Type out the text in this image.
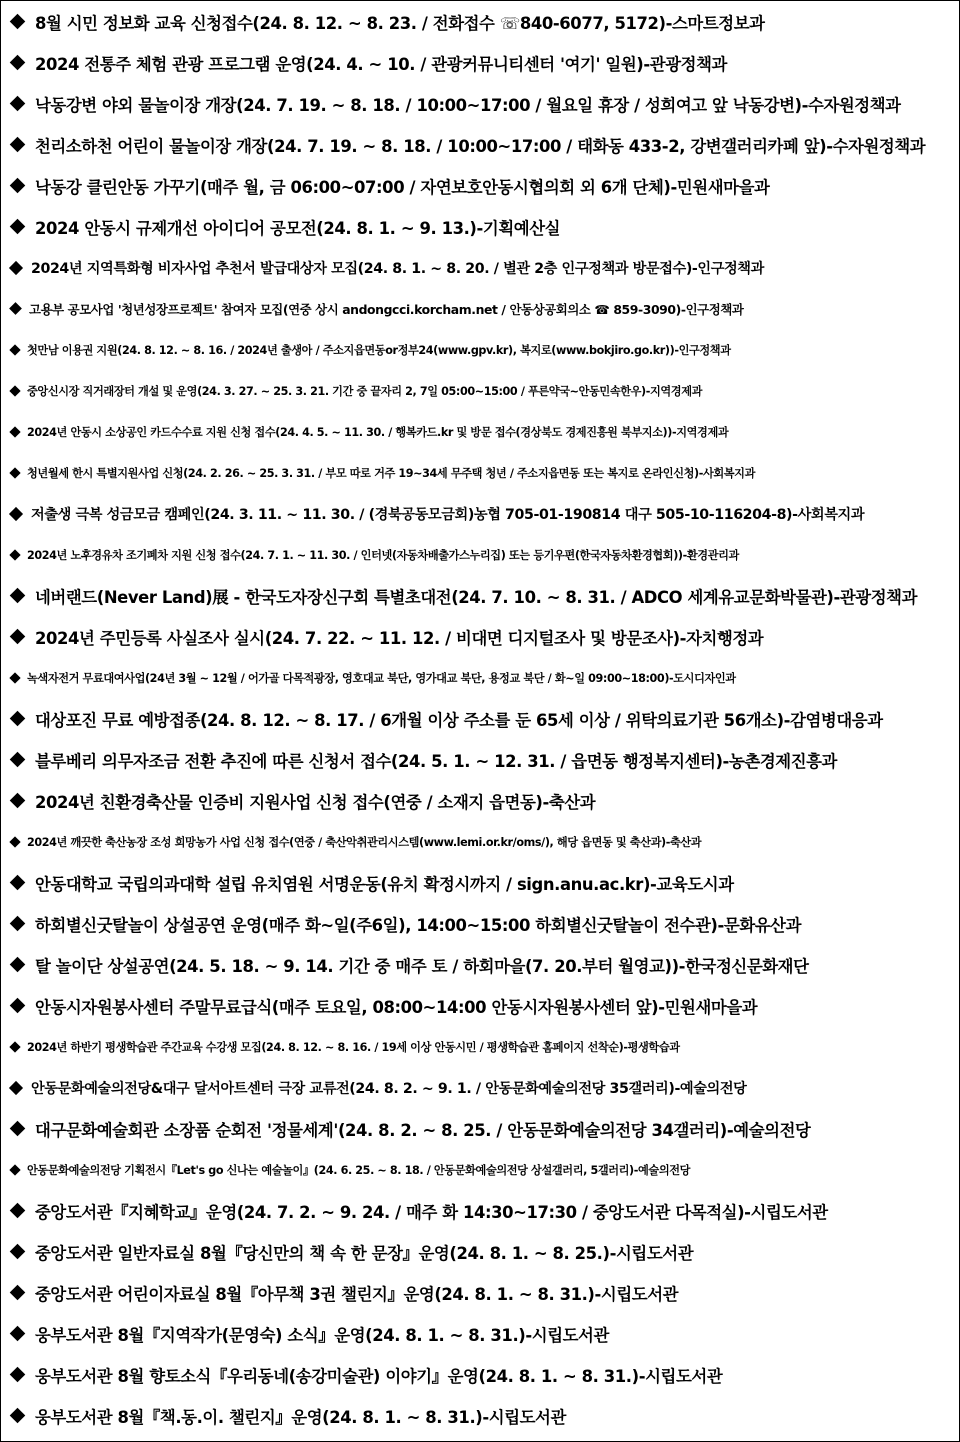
8월 시민 정보화 교육 신청접수(24. 8. 12. ~ 8. 23. / 전화접수 ☏840-6077, 5172)-스마트정보과
2024 전통주 체험 관광 프로그램 운영(24. 4. ~ 10. / 관광커뮤니티센터 '여기' 일원)-관광정책과
낙동강변 야외 물놀이장 개장(24. 7. 19. ~ 8. 18. / 10:00~17:00 / 월요일 휴장 / 성희여고 앞 낙동강변)-수자원정책과
천리소하천 어린이 물놀이장 개장(24. 7. 19. ~ 8. 18. / 10:00~17:00 / 태화동 433-2, 강변갤러리카페 앞)-수자원정책과
낙동강 클린안동 가꾸기(매주 월, 금 06:00~07:00 / 자연보호안동시협의회 외 6개 단체)-민원새마을과
2024 안동시 규제개선 아이디어 공모전(24. 8. 1. ~ 9. 13.)-기획예산실
2024년 지역특화형 비자사업 추천서 발급대상자 모집(24. 8. 1. ~ 8. 20. / 별관 2층 인구정책과 방문접수)-인구정책과
고용부 공모사업 '청년성장프로젝트' 참여자 모집(연중 상시 andongcci.korcham.net / 안동상공회의소 ☎ 859-3090)-인구정책과
첫만남 이용권 지원(24. 8. 12. ~ 8. 16. / 2024년 출생아 / 주소지읍면동or정부24(www.gpv.kr), 복지로(www.bokjiro.go.kr))-인구정책과
중앙신시장 직거래장터 개설 및 운영(24. 3. 27. ~ 25. 3. 21. 기간 중 끝자리 2, 7일 05:00~15:00 / 푸른약국~안동민속한우)-지역경제과
2024년 안동시 소상공인 카드수수료 지원 신청 접수(24. 4. 5. ~ 11. 30. / 행복카드.kr 및 방문 접수(경상북도 경제진흥원 북부지소))-지역경제과
청년월세 한시 특별지원사업 신청(24. 2. 26. ~ 25. 3. 31. / 부모 따로 거주 19~34세 무주택 청년 / 주소지읍면동 또는 복지로 온라인신청)-사회복지과
저출생 극복 성금모금 캠페인(24. 3. 11. ~ 11. 30. / (경북공동모금회)농협 705-01-190814 대구 505-10-116204-8)-사회복지과
2024년 노후경유차 조기폐차 지원 신청 접수(24. 7. 1. ~ 11. 30. / 인터넷(자동차배출가스누리집) 또는 등기우편(한국자동차환경협회))-환경관리과
네버랜드(Never Land)展 - 한국도자장신구회 특별초대전(24. 7. 10. ~ 8. 31. / ADCO 세계유교문화박물관)-관광정책과
2024년 주민등록 사실조사 실시(24. 7. 22. ~ 11. 12. / 비대면 디지털조사 및 방문조사)-자치행정과
녹색자전거 무료대여사업(24년 3월 ~ 12월 / 어가골 다목적광장, 영호대교 북단, 영가대교 북단, 용정교 북단 / 화~일 09:00~18:00)-도시디자인과
대상포진 무료 예방접종(24. 8. 12. ~ 8. 17. / 6개월 이상 주소를 둔 65세 이상 / 위탁의료기관 56개소)-감염병대응과
블루베리 의무자조금 전환 추진에 따른 신청서 접수(24. 5. 1. ~ 12. 31. / 읍면동 행정복지센터)-농촌경제진흥과
2024년 친환경축산물 인증비 지원사업 신청 접수(연중 / 소재지 읍면동)-축산과
2024년 깨끗한 축산농장 조성 희망농가 사업 신청 접수(연중 / 축산악취관리시스템(www.lemi.or.kr/oms/), 해당 읍면동 및 축산과)-축산과
안동대학교 국립의과대학 설립 유치염원 서명운동(유치 확정시까지 / sign.anu.ac.kr)-교육도시과
하회별신굿탈놀이 상설공연 운영(매주 화~일(주6일), 14:00~15:00 하회별신굿탈놀이 전수관)-문화유산과
탈 놀이단 상설공연(24. 5. 18. ~ 9. 14. 기간 중 매주 토 / 하회마을(7. 20.부터 월영교))-한국정신문화재단
안동시자원봉사센터 주말무료급식(매주 토요일, 08:00~14:00 안동시자원봉사센터 앞)-민원새마을과
2024년 하반기 평생학습관 주간교육 수강생 모집(24. 8. 12. ~ 8. 16. / 19세 이상 안동시민 / 평생학습관 홈페이지 선착순)-평생학습과
안동문화예술의전당&대구 달서아트센터 극장 교류전(24. 8. 2. ~ 9. 1. / 안동문화예술의전당 35갤러리)-예술의전당
대구문화예술회관 소장품 순회전 '정물세계'(24. 8. 2. ~ 8. 25. / 안동문화예술의전당 34갤러리)-예술의전당
안동문화예술의전당 기획전시『Let's go 신나는 예술놀이』(24. 6. 25. ~ 8. 18. / 안동문화예술의전당 상설갤러리, 5갤러리)-예술의전당
중앙도서관『지혜학교』운영(24. 7. 2. ~ 9. 24. / 매주 화 14:30~17:30 / 중앙도서관 다목적실)-시립도서관
중앙도서관 일반자료실 8월『당신만의 책 속 한 문장』운영(24. 8. 1. ~ 8. 25.)-시립도서관
중앙도서관 어린이자료실 8월『아무책 3권 챌린지』운영(24. 8. 1. ~ 8. 31.)-시립도서관
웅부도서관 8월『지역작가(문영숙) 소식』운영(24. 8. 1. ~ 8. 31.)-시립도서관
웅부도서관 8월 향토소식『우리동네(송강미술관) 이야기』운영(24. 8. 1. ~ 8. 31.)-시립도서관
웅부도서관 8월『책.동.이. 챌린지』운영(24. 8. 1. ~ 8. 31.)-시립도서관
